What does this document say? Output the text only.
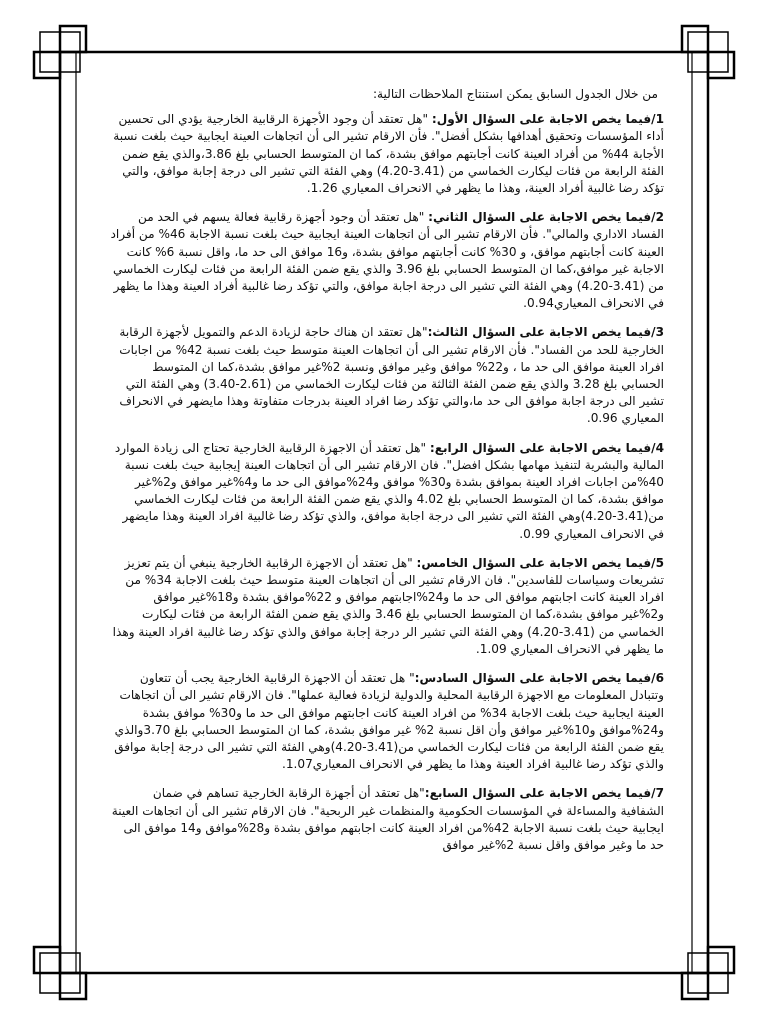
من خلال الجدول السابق يمكن استنتاج الملاحظات التالية:

1/فيما يخص الاجابة على السؤال الأول: "هل تعتقد أن وجود الأجهزة الرقابية الخارجية يؤدي الى تحسين أداء المؤسسات وتحقيق أهدافها بشكل أفضل". فأن الارقام تشير الى أن اتجاهات العينة ايجابية حيث بلغت نسبة الأجابة 44% من أفراد العينة كانت أجابتهم موافق بشدة، كما ان المتوسط الحسابي بلغ 3.86،والذي يقع ضمن الفئة الرابعة من فئات ليكارت الخماسي من (3.41-4.20) وهي الفئة التي تشير الى درجة إجابة موافق، والتي تؤكد رضا غالبية أفراد العينة، وهذا ما يظهر في الانحراف المعياري 1.26.

2/فيما يخص الاجابة على السؤال الثاني: "هل تعتقد أن وجود أجهزة رقابية فعالة يسهم في الحد من الفساد الاداري والمالي". فأن الارقام تشير الى أن اتجاهات العينة ايجابية حيث بلغت نسبة الاجابة 46% من أفراد العينة كانت أجابتهم موافق، و 30% كانت أجابتهم موافق بشدة، و16 موافق الى حد ما، واقل نسبة 6% كانت الاجابة غير موافق،كما ان المتوسط الحسابي بلغ 3.96 والذي يقع ضمن الفئة الرابعة من فئات ليكارت الخماسي من (3.41-4.20) وهي الفئة التي تشير الى درجة اجابة موافق، والتي تؤكد رضا غالبية أفراد العينة وهذا ما يظهر في الانحراف المعياري0.94.

3/فيما يخص الاجابة على السؤال الثالث:"هل تعتقد ان هناك حاجة لزيادة الدعم والتمويل لأجهزة الرقابة الخارجية للحد من الفساد". فأن الارقام تشير الى أن اتجاهات العينة متوسط حيث بلغت نسبة 42% من اجابات افراد العينة موافق الى حد ما ، و22% موافق وغير موافق ونسبة 2%غير موافق بشدة،كما ان المتوسط الحسابي بلغ 3.28 والذي يقع ضمن الفئة الثالثة من فئات ليكارت الخماسي من (2.61-3.40) وهي الفئة التي تشير الى درجة اجابة موافق الى حد ما،والتي تؤكد رضا افراد العينة بدرجات متفاوتة وهذا مايضهر في الانحراف المعياري 0.96.

4/فيما يخص الاجابة على السؤال الرابع: "هل تعتقد أن الاجهزة الرقابية الخارجية تحتاج الى زيادة الموارد المالية والبشرية لتنفيذ مهامها بشكل افضل". فان الارقام تشير الى أن اتجاهات العينة إيجابية حيث بلغت نسبة 40%من اجابات افراد العينة بموافق بشدة و30% موافق و24%موافق الى حد ما و4%غير موافق و2%غير موافق بشدة، كما ان المتوسط الحسابي بلغ 4.02 والذي يقع ضمن الفئة الرابعة من فئات ليكارت الخماسي من(3.41-4.20)وهي الفئة التي تشير الى درجة اجابة موافق، والذي تؤكد رضا غالبية افراد العينة وهذا مايضهر في الانحراف المعياري 0.99.

5/فيما يخص الاجابة على السؤال الخامس: "هل تعتقد أن الاجهزة الرقابية الخارجية ينبغي أن يتم تعزيز تشريعات وسياسات للفاسدين". فان الارقام تشير الى أن اتجاهات العينة متوسط حيث بلغت الاجابة 34% من افراد العينة كانت اجابتهم موافق الى حد ما و24%اجابتهم موافق و 22%موافق بشدة و18%غير موافق و2%غير موافق بشدة،كما ان المتوسط الحسابي بلغ 3.46 والذي يقع ضمن الفئة الرابعة من فئات ليكارت الخماسي من (3.41-4.20) وهي الفئة التي تشير الر درجة إجابة موافق والذي تؤكد رضا غالبية افراد العينة وهذا ما يظهر في الانحراف المعياري 1.09.

6/فيما يخص الاجابة على السؤال السادس:" هل تعتقد أن الاجهزة الرقابية الخارجية يجب أن تتعاون وتتبادل المعلومات مع الاجهزة الرقابية المحلية والدولية لزيادة فعالية عملها". فان الارقام تشير الى أن اتجاهات العينة ايجابية حيث بلغت الاجابة 34% من افراد العينة كانت اجابتهم موافق الى حد ما و30% موافق بشدة و24%موافق و10%غير موافق وأن اقل نسبة 2% غير موافق بشدة، كما ان المتوسط الحسابي بلغ 3.70والذي يقع ضمن الفئة الرابعة من فئات ليكارت الخماسي من(3.41-4.20)وهي الفئة التي تشير الى درجة إجابة موافق والذي تؤكد رضا غالبية افراد العينة وهذا ما يظهر في الانحراف المعياري1.07.

7/فيما يخص الاجابة على السؤال السابع:"هل تعتقد أن أجهزة الرقابة الخارجية تساهم في ضمان الشفافية والمساءلة في المؤسسات الحكومية والمنظمات غير الربحية". فان الارقام تشير الى أن اتجاهات العينة ايجابية حيث بلغت نسبة الاجابة 42%من افراد العينة كانت اجابتهم موافق بشدة و28%موافق و14 موافق الى حد ما وغير موافق واقل نسبة 2%غير موافق
